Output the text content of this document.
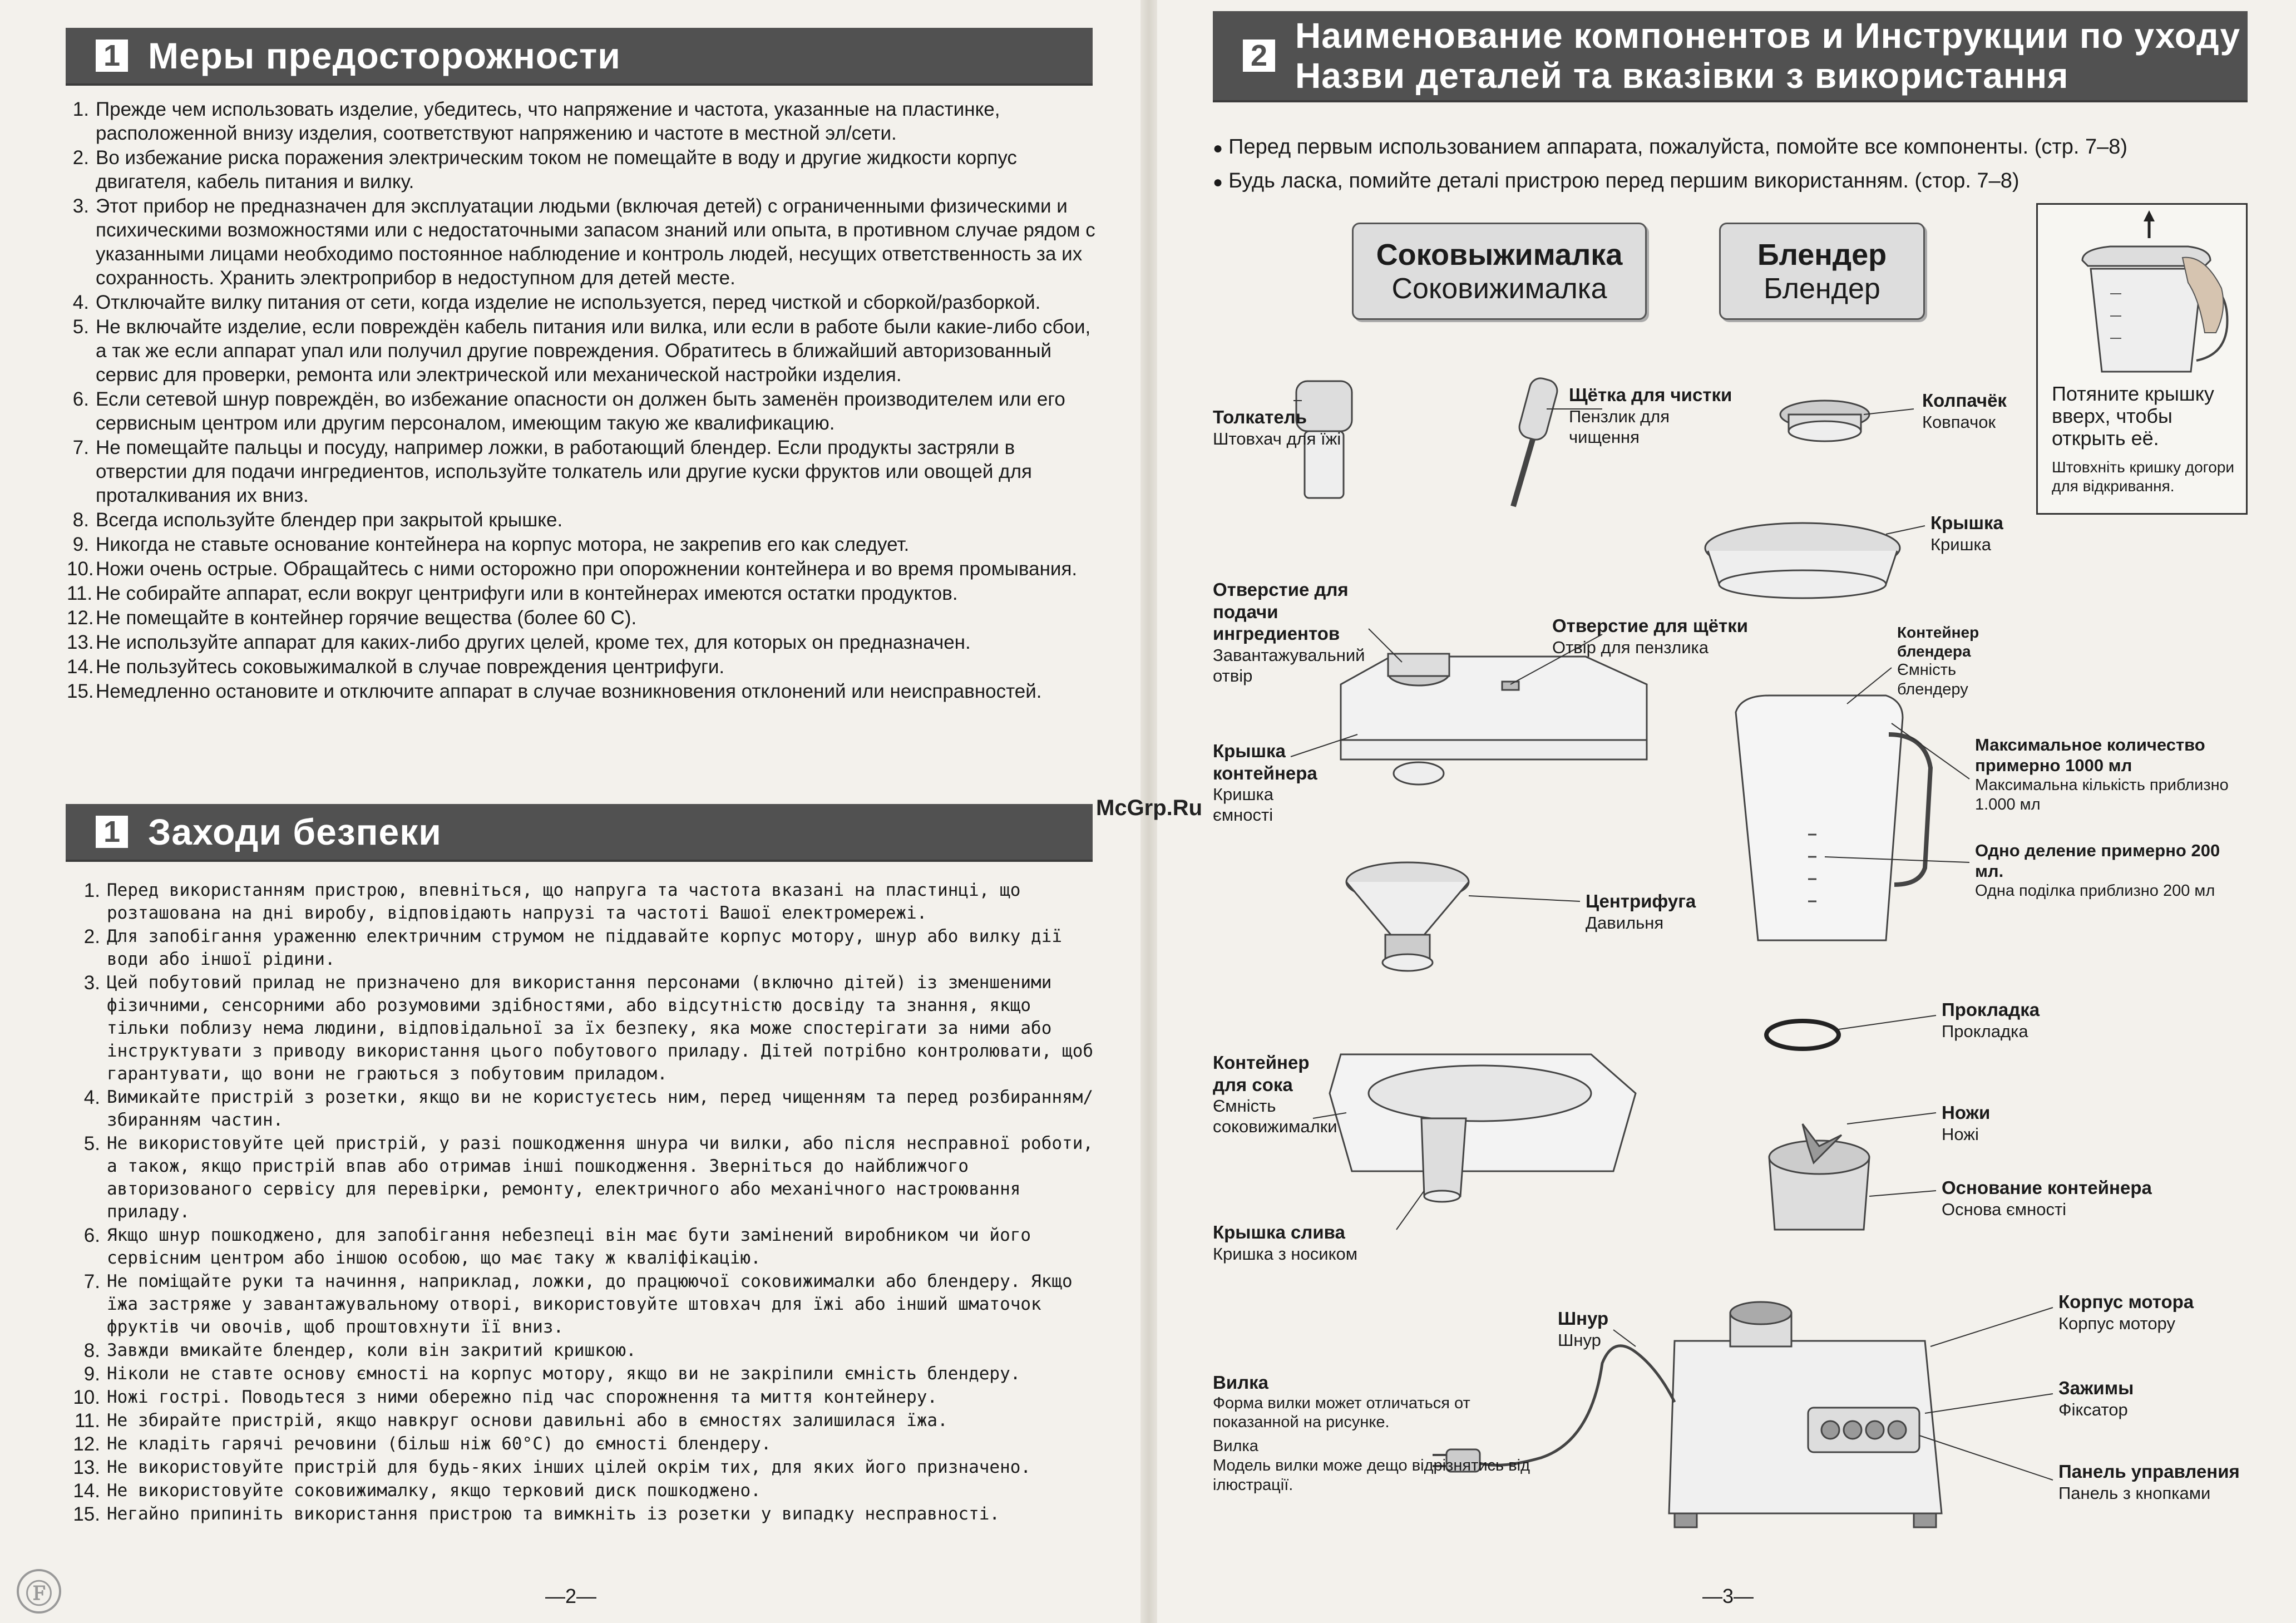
1 Меры предосторожности
1. Прежде чем использовать изделие, убедитесь, что напряжение и частота, указанные на пластинке, расположенной внизу изделия, соответствуют напряжению и частоте в местной эл/сети.
2. Во избежание риска поражения электрическим током не помещайте в воду и другие жидкости корпус двигателя, кабель питания и вилку.
3. Этот прибор не предназначен для эксплуатации людьми (включая детей) с ограниченными физическими и психическими возможностями или с недостаточными запасом знаний или опыта, в противном случае рядом с указанными лицами необходимо постоянное наблюдение и контроль людей, несущих ответственность за их сохранность. Хранить электроприбор в недоступном для детей месте.
4. Отключайте вилку питания от сети, когда изделие не используется, перед чисткой и сборкой/разборкой.
5. Не включайте изделие, если повреждён кабель питания или вилка, или если в работе были какие-либо сбои, а так же если аппарат упал или получил другие повреждения. Обратитесь в ближайший авторизованный сервис для проверки, ремонта или электрической или механической настройки изделия.
6. Если сетевой шнур повреждён, во избежание опасности он должен быть заменён производителем или его сервисным центром или другим персоналом, имеющим такую же квалификацию.
7. Не помещайте пальцы и посуду, например ложки, в работающий блендер. Если продукты застряли в отверстии для подачи ингредиентов, используйте толкатель или другие куски фруктов или овощей для проталкивания их вниз.
8. Всегда используйте блендер при закрытой крышке.
9. Никогда не ставьте основание контейнера на корпус мотора, не закрепив его как следует.
10. Ножи очень острые. Обращайтесь с ними осторожно при опорожнении контейнера и во время промывания.
11. Не собирайте аппарат, если вокруг центрифуги или в контейнерах имеются остатки продуктов.
12. Не помещайте в контейнер горячие вещества (более 60 С).
13. Не используйте аппарат для каких-либо других целей, кроме тех, для которых он предназначен.
14. Не пользуйтесь соковыжималкой в случае повреждения центрифуги.
15. Немедленно остановите и отключите аппарат в случае возникновения отклонений или неисправностей.
1 Заходи безпеки
1. Перед використанням пристрою, впевніться, що напруга та частота вказані на пластинці, що розташована на дні виробу, відповідають напрузі та частоті Вашої електромережі.
2. Для запобігання ураженню електричним струмом не піддавайте корпус мотору, шнур або вилку дії води або іншої рідини.
3. Цей побутовий прилад не призначено для використання персонами (включно дітей) із зменшеними фізичними, сенсорними або розумовими здібностями, або відсутністю досвіду та знання, якщо тільки поблизу нема людини, відповідальної за їх безпеку, яка може спостерігати за ними або інструктувати з приводу використання цього побутового приладу. Дітей потрібно контролювати, щоб гарантувати, що вони не граються з побутовим приладом.
4. Вимикайте пристрій з розетки, якщо ви не користуєтесь ним, перед чищенням та перед розбиранням/збиранням частин.
5. Не використовуйте цей пристрій, у разі пошкодження шнура чи вилки, або після несправної роботи, а також, якщо пристрій впав або отримав інші пошкодження. Зверніться до найближчого авторизованого сервісу для перевірки, ремонту, електричного або механічного настроювання приладу.
6. Якщо шнур пошкоджено, для запобігання небезпеці він має бути замінений виробником чи його сервісним центром або іншою особою, що має таку ж кваліфікацію.
7. Не поміщайте руки та начиння, наприклад, ложки, до працюючої соковижималки або блендеру. Якщо їжа застряже у завантажувальному отворі, використовуйте штовхач для їжі або інший шматочок фруктів чи овочів, щоб проштовхнути її вниз.
8. Завжди вмикайте блендер, коли він закритий кришкою.
9. Ніколи не ставте основу ємності на корпус мотору, якщо ви не закріпили ємність блендеру.
10. Ножі гострі. Поводьтеся з ними обережно під час спорожнення та миття контейнеру.
11. Не збирайте пристрій, якщо навкруг основи давильні або в ємностях залишилася їжа.
12. Не кладіть гарячі речовини (більш ніж 60°С) до ємності блендеру.
13. Не використовуйте пристрій для будь-яких інших цілей окрім тих, для яких його призначено.
14. Не використовуйте соковижималку, якщо терковий диск пошкоджено.
15. Негайно припиніть використання пристрою та вимкніть із розетки у випадку несправності.
Ⓕ	—2—
McGrp.Ru
2 Наименование компонентов и Инструкции по уходу
Назви деталей та вказівки з використання
● Перед первым использованием аппарата, пожалуйста, помойте все компоненты. (стр. 7–8)
● Будь ласка, помийте деталі пристрою перед першим використанням. (стор. 7–8)
Соковыжималка
Соковижималка
Блендер
Блендер
Потяните крышку вверх, чтобы открыть её.
Штовхніть кришку догори для відкривання.
Толкатель
Штовхач для їжі
Щётка для чистки
Пензлик для чищення
Колпачёк
Ковпачок
Крышка
Кришка
Отверстие для подачи ингредиентов
Завантажувальний отвір
Отверстие для щётки
Отвір для пензлика
Контейнер блендера
Ємність блендеру
Крышка контейнера
Кришка ємності
Максимальное количество примерно 1000 мл
Максимальна кількість приблизно 1.000 мл
Одно деление примерно 200 мл.
Одна поділка приблизно 200 мл
Центрифуга
Давильня
Прокладка
Прокладка
Контейнер для сока
Ємність соковижималки
Ножи
Ножі
Основание контейнера
Основа ємності
Крышка слива
Кришка з носиком
Шнур
Шнур
Корпус мотора
Корпус мотору
Вилка
Форма вилки может отличаться от показанной на рисунке.
Вилка
Модель вилки може дещо відрізнятись від ілюстрації.
Зажимы
Фіксатор
Панель управления
Панель з кнопками
—3—
